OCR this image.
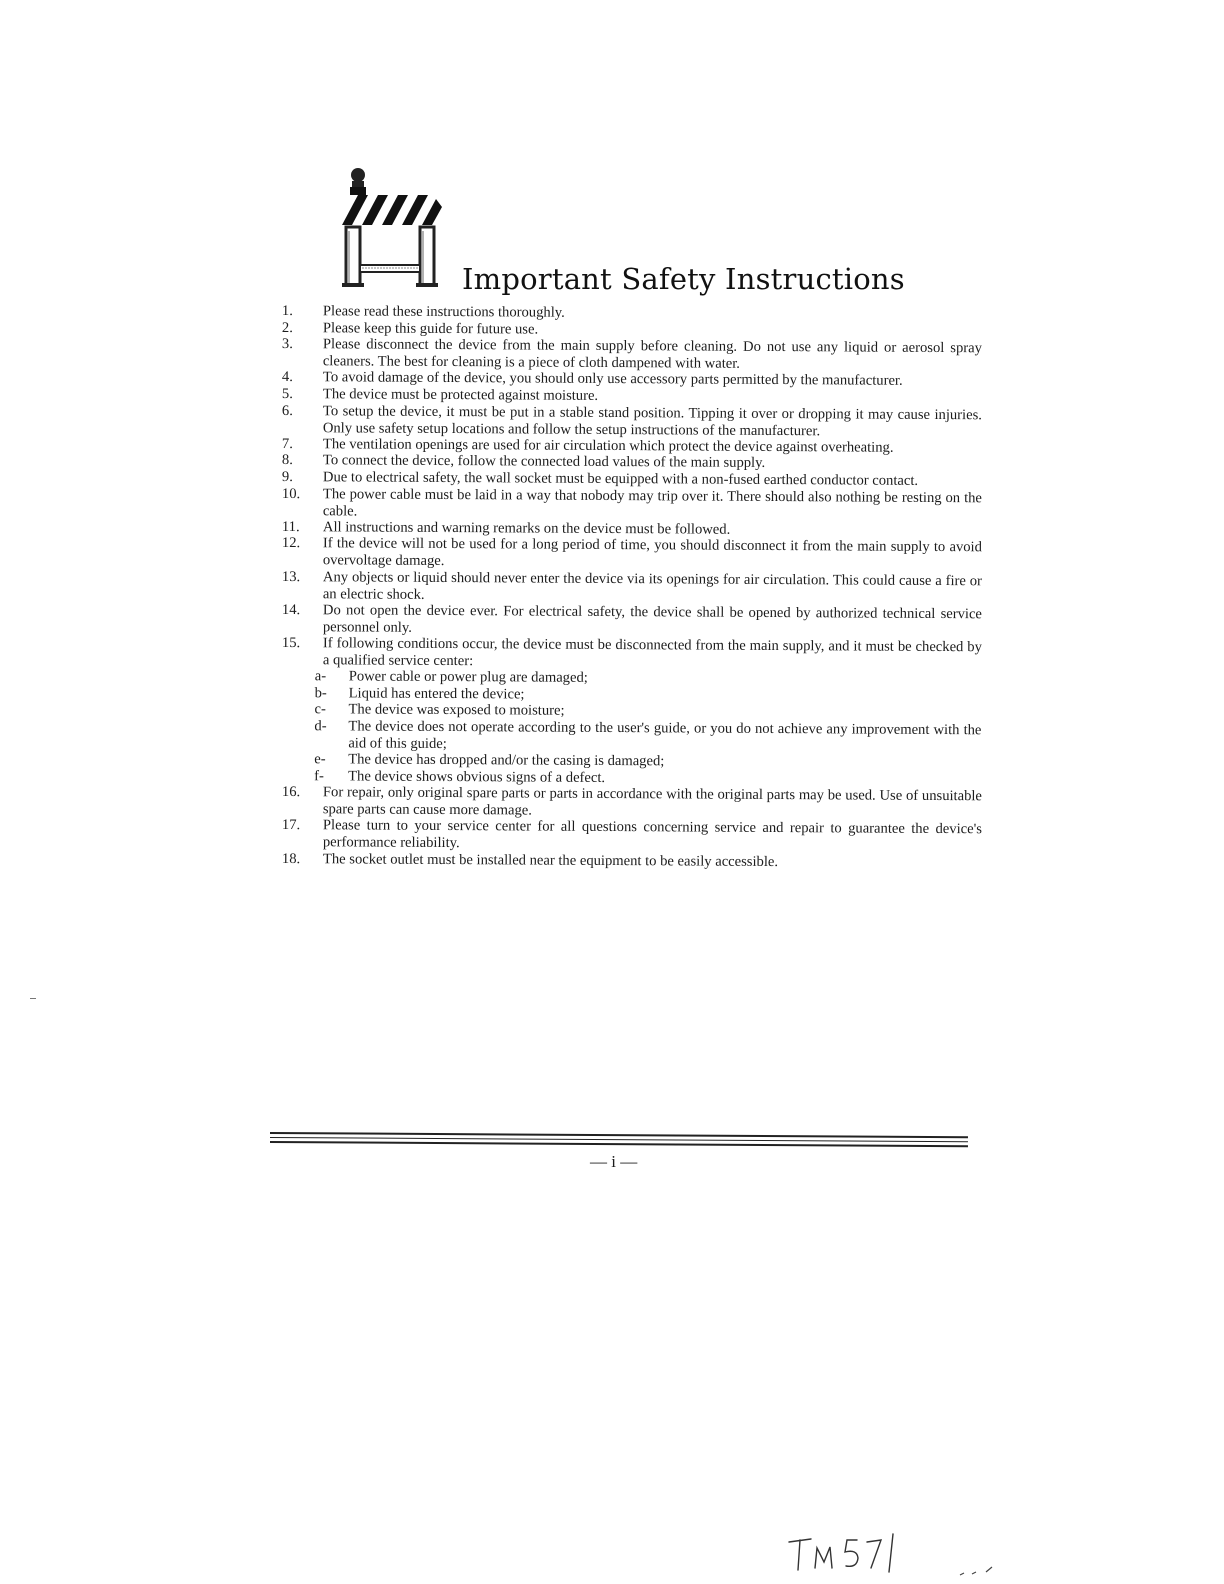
Important Safety Instructions
1.	Please read these instructions thoroughly.

2.	Please keep this guide for future use.

3.	Please disconnect the device from the main supply before cleaning. Do not use any liquid or aerosol spray cleaners. The best for cleaning is a piece of cloth dampened with water.

4.	To avoid damage of the device, you should only use accessory parts permitted by the manufacturer.

5.	The device must be protected against moisture.

6.	To setup the device, it must be put in a stable stand position. Tipping it over or dropping it may cause injuries. Only use safety setup locations and follow the setup instructions of the manufacturer.

7.	The ventilation openings are used for air circulation which protect the device against overheating.

8.	To connect the device, follow the connected load values of the main supply.

9.	Due to electrical safety, the wall socket must be equipped with a non-fused earthed conductor contact.

10.	The power cable must be laid in a way that nobody may trip over it. There should also nothing be resting on the cable.

11.	All instructions and warning remarks on the device must be followed.

12.	If the device will not be used for a long period of time, you should disconnect it from the main supply to avoid overvoltage damage.

13.	Any objects or liquid should never enter the device via its openings for air circulation. This could cause a fire or an electric shock.

14.	Do not open the device ever. For electrical safety, the device shall be opened by authorized technical service personnel only.

15.	If following conditions occur, the device must be disconnected from the main supply, and it must be checked by a qualified service center:

a- Power cable or power plug are damaged;
b- Liquid has entered the device;
c- The device was exposed to moisture;
d- The device does not operate according to the user's guide, or you do not achieve any improvement with the aid of this guide;
e- The device has dropped and/or the casing is damaged;
f- The device shows obvious signs of a defect.
16.	For repair, only original spare parts or parts in accordance with the original parts may be used. Use of unsuitable spare parts can cause more damage.

17.	Please turn to your service center for all questions concerning service and repair to guarantee the device's performance reliability.

18.	The socket outlet must be installed near the equipment to be easily accessible.

— i —
